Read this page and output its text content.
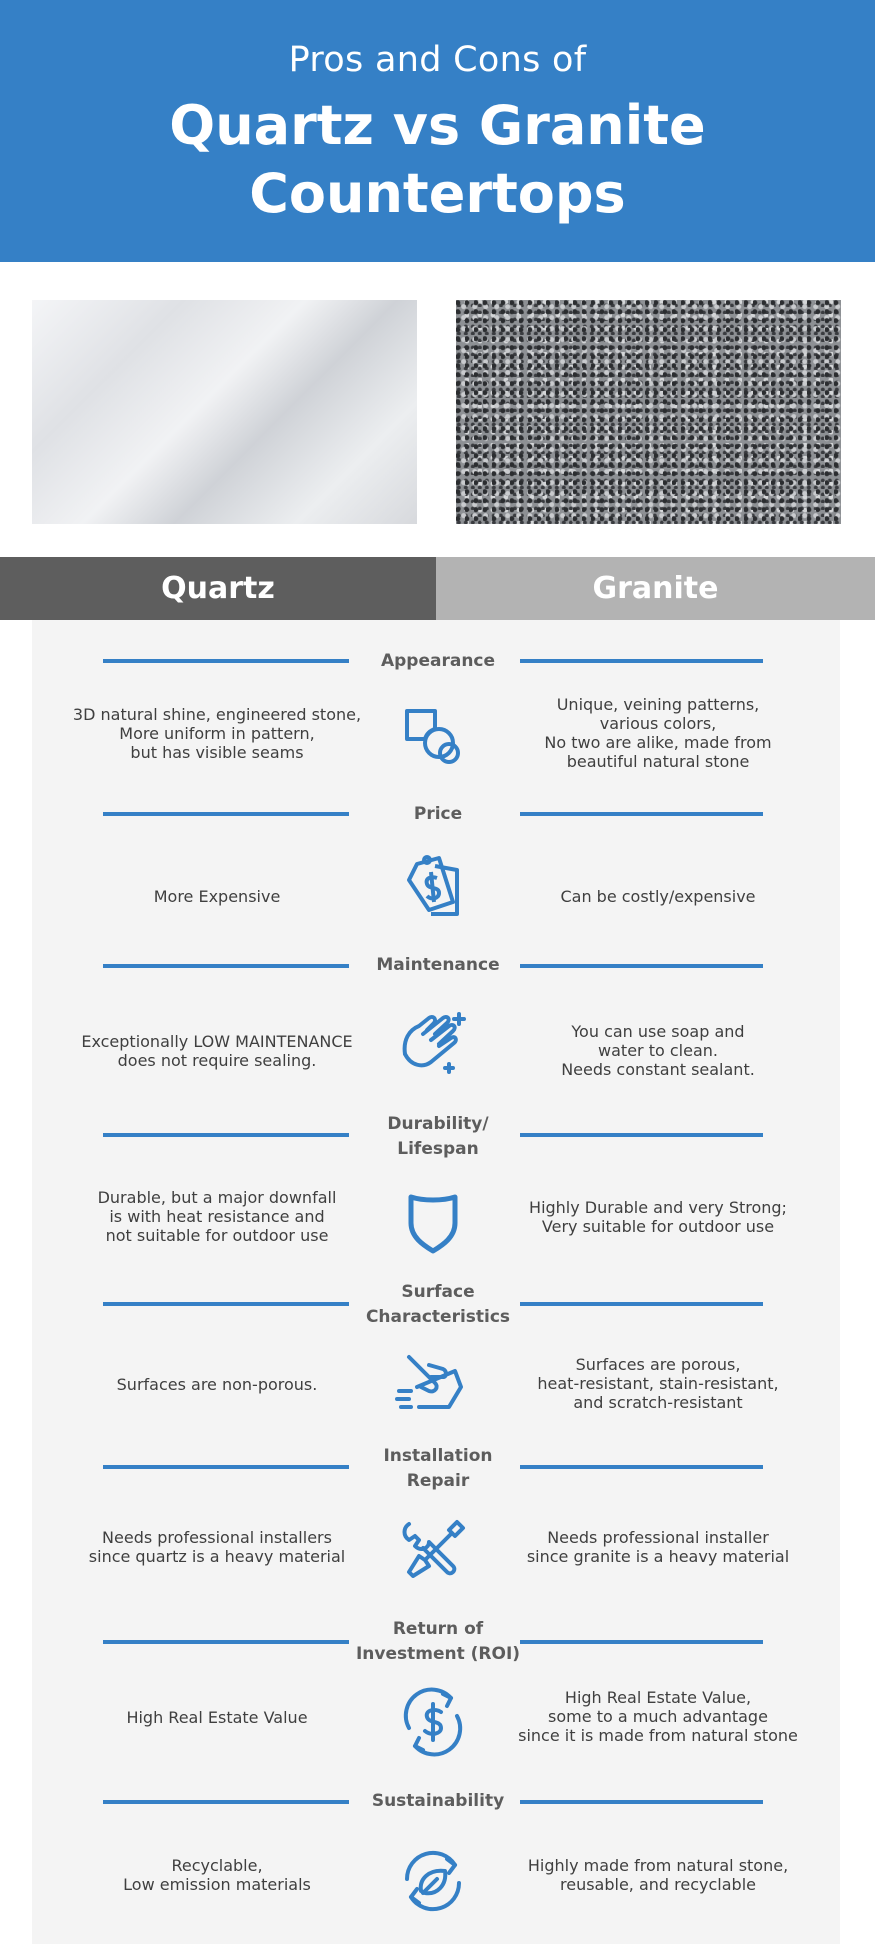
Pros and Cons of
Quartz vs Granite
Countertops
Quartz	Granite
Appearance
3D natural shine, engineered stone,
More uniform in pattern,
but has visible seams
Unique, veining patterns,
various colors,
No two are alike, made from
beautiful natural stone
Price
More Expensive	Can be costly/expensive
Maintenance
Exceptionally LOW MAINTENANCE
does not require sealing.
You can use soap and
water to clean.
Needs constant sealant.
Durability/ Lifespan
Durable, but a major downfall
is with heat resistance and
not suitable for outdoor use
Highly Durable and very Strong;
Very suitable for outdoor use
Surface Characteristics
Surfaces are non-porous.
Surfaces are porous,
heat-resistant, stain-resistant,
and scratch-resistant
Installation Repair
Needs professional installers
since quartz is a heavy material
Needs professional installer
since granite is a heavy material
Return of Investment (ROI)
High Real Estate Value
High Real Estate Value,
some to a much advantage
since it is made from natural stone
Sustainability
Recyclable,
Low emission materials
Highly made from natural stone,
reusable, and recyclable
